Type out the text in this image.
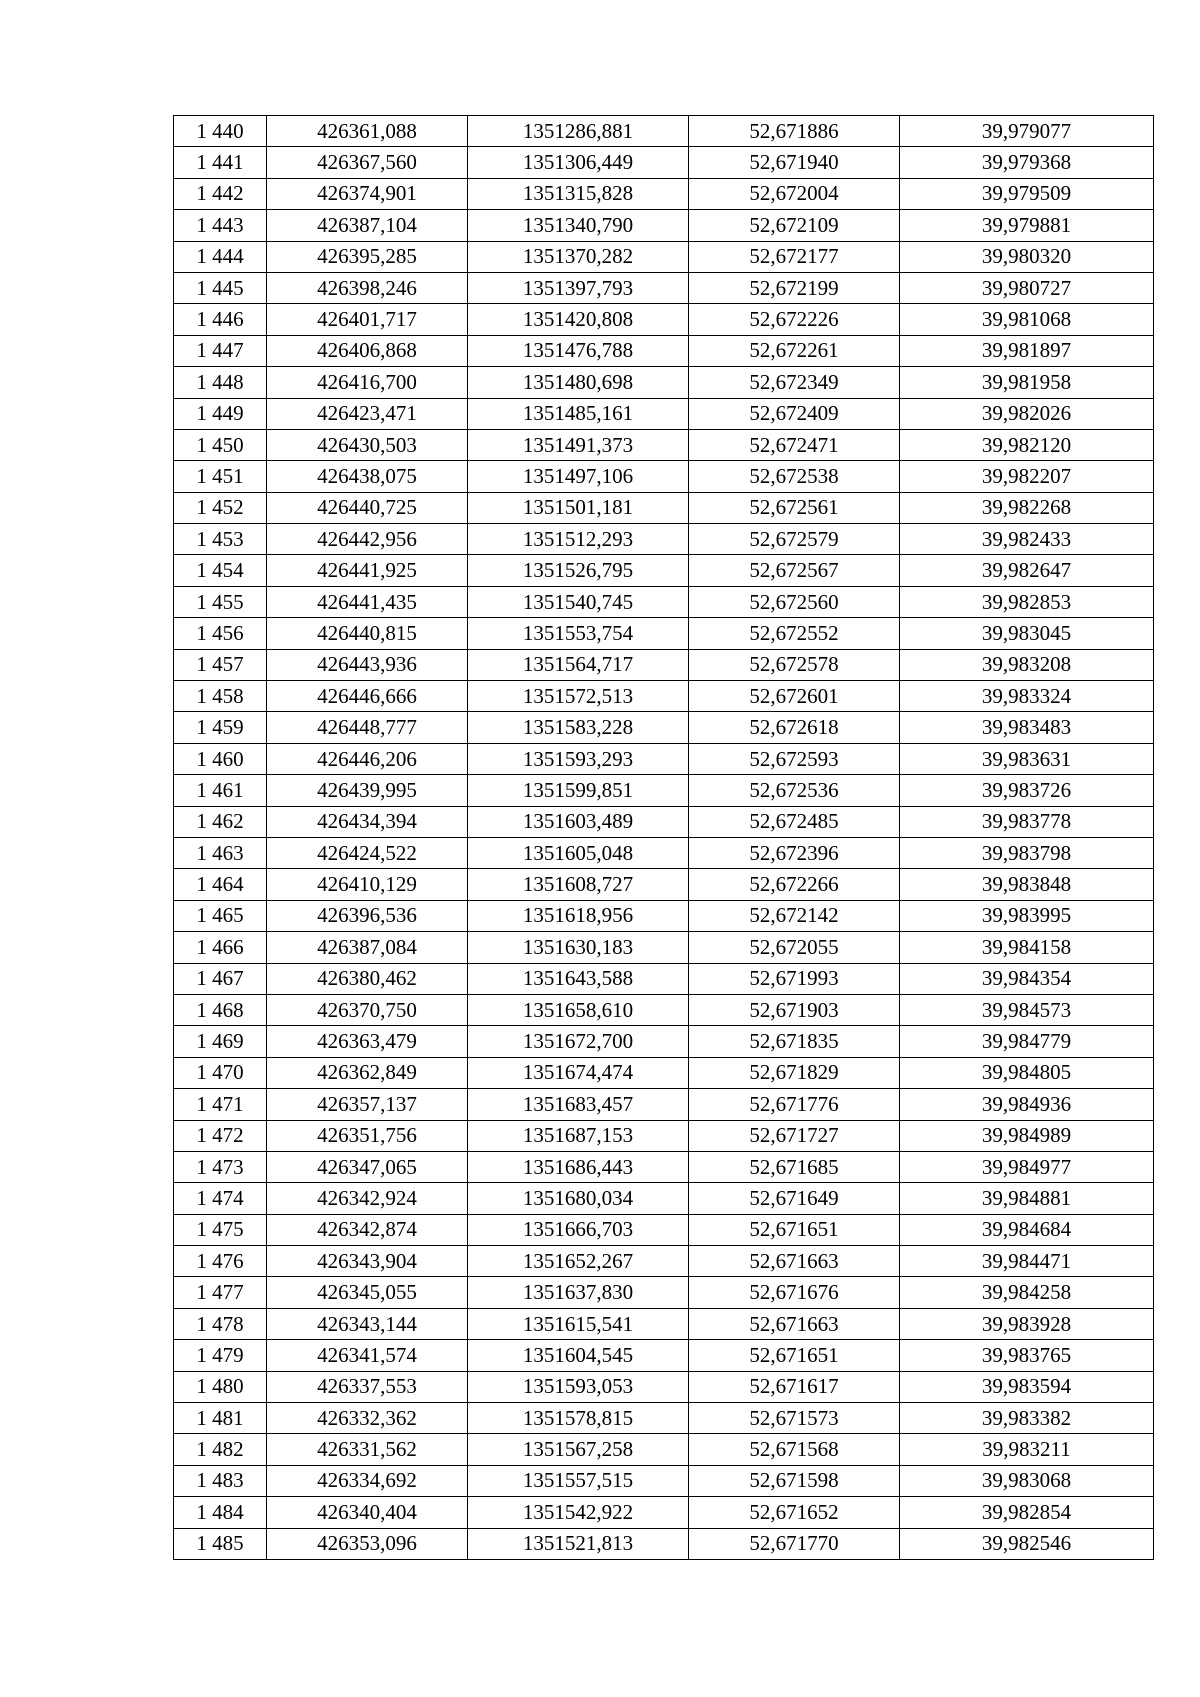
1 440	426361,088	1351286,881	52,671886	39,979077
1 441	426367,560	1351306,449	52,671940	39,979368
1 442	426374,901	1351315,828	52,672004	39,979509
1 443	426387,104	1351340,790	52,672109	39,979881
1 444	426395,285	1351370,282	52,672177	39,980320
1 445	426398,246	1351397,793	52,672199	39,980727
1 446	426401,717	1351420,808	52,672226	39,981068
1 447	426406,868	1351476,788	52,672261	39,981897
1 448	426416,700	1351480,698	52,672349	39,981958
1 449	426423,471	1351485,161	52,672409	39,982026
1 450	426430,503	1351491,373	52,672471	39,982120
1 451	426438,075	1351497,106	52,672538	39,982207
1 452	426440,725	1351501,181	52,672561	39,982268
1 453	426442,956	1351512,293	52,672579	39,982433
1 454	426441,925	1351526,795	52,672567	39,982647
1 455	426441,435	1351540,745	52,672560	39,982853
1 456	426440,815	1351553,754	52,672552	39,983045
1 457	426443,936	1351564,717	52,672578	39,983208
1 458	426446,666	1351572,513	52,672601	39,983324
1 459	426448,777	1351583,228	52,672618	39,983483
1 460	426446,206	1351593,293	52,672593	39,983631
1 461	426439,995	1351599,851	52,672536	39,983726
1 462	426434,394	1351603,489	52,672485	39,983778
1 463	426424,522	1351605,048	52,672396	39,983798
1 464	426410,129	1351608,727	52,672266	39,983848
1 465	426396,536	1351618,956	52,672142	39,983995
1 466	426387,084	1351630,183	52,672055	39,984158
1 467	426380,462	1351643,588	52,671993	39,984354
1 468	426370,750	1351658,610	52,671903	39,984573
1 469	426363,479	1351672,700	52,671835	39,984779
1 470	426362,849	1351674,474	52,671829	39,984805
1 471	426357,137	1351683,457	52,671776	39,984936
1 472	426351,756	1351687,153	52,671727	39,984989
1 473	426347,065	1351686,443	52,671685	39,984977
1 474	426342,924	1351680,034	52,671649	39,984881
1 475	426342,874	1351666,703	52,671651	39,984684
1 476	426343,904	1351652,267	52,671663	39,984471
1 477	426345,055	1351637,830	52,671676	39,984258
1 478	426343,144	1351615,541	52,671663	39,983928
1 479	426341,574	1351604,545	52,671651	39,983765
1 480	426337,553	1351593,053	52,671617	39,983594
1 481	426332,362	1351578,815	52,671573	39,983382
1 482	426331,562	1351567,258	52,671568	39,983211
1 483	426334,692	1351557,515	52,671598	39,983068
1 484	426340,404	1351542,922	52,671652	39,982854
1 485	426353,096	1351521,813	52,671770	39,982546
